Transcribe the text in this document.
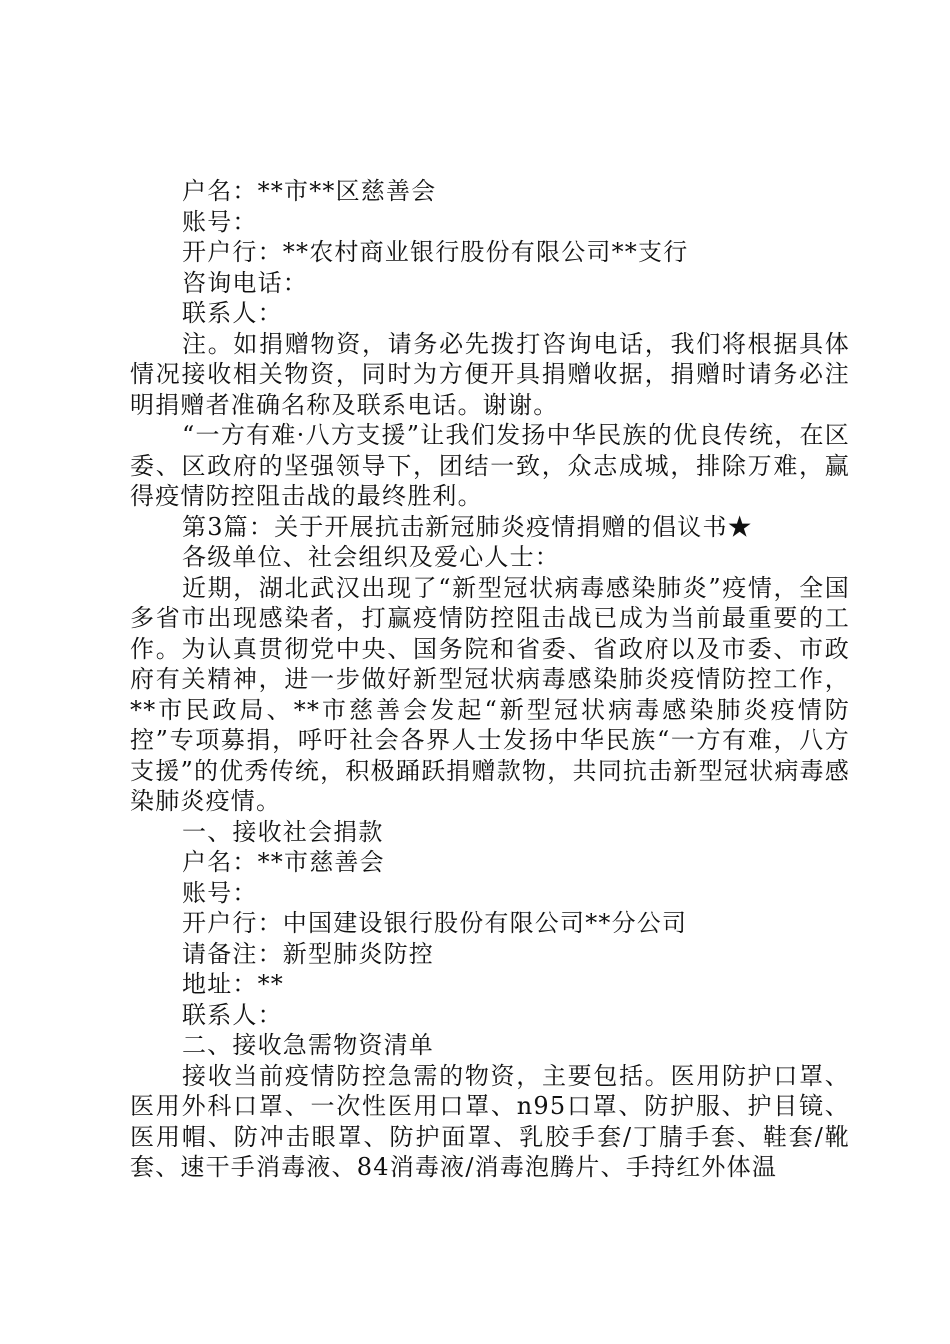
户名：**市**区慈善会

账号：

开户行：**农村商业银行股份有限公司**支行

咨询电话：

联系人：

注。如捐赠物资，请务必先拨打咨询电话，我们将根据具体情况接收相关物资，同时为方便开具捐赠收据，捐赠时请务必注明捐赠者准确名称及联系电话。谢谢。

“一方有难·八方支援”让我们发扬中华民族的优良传统，在区委、区政府的坚强领导下，团结一致，众志成城，排除万难，赢得疫情防控阻击战的最终胜利。

第3篇：关于开展抗击新冠肺炎疫情捐赠的倡议书★

各级单位、社会组织及爱心人士：

近期，湖北武汉出现了“新型冠状病毒感染肺炎”疫情，全国多省市出现感染者，打赢疫情防控阻击战已成为当前最重要的工作。为认真贯彻党中央、国务院和省委、省政府以及市委、市政府有关精神，进一步做好新型冠状病毒感染肺炎疫情防控工作，**市民政局、**市慈善会发起“新型冠状病毒感染肺炎疫情防控”专项募捐，呼吁社会各界人士发扬中华民族“一方有难，八方支援”的优秀传统，积极踊跃捐赠款物，共同抗击新型冠状病毒感染肺炎疫情。

一、接收社会捐款

户名：**市慈善会

账号：

开户行：中国建设银行股份有限公司**分公司

请备注：新型肺炎防控

地址：**

联系人：

二、接收急需物资清单

接收当前疫情防控急需的物资，主要包括。医用防护口罩、医用外科口罩、一次性医用口罩、n95口罩、防护服、护目镜、医用帽、防冲击眼罩、防护面罩、乳胶手套/丁腈手套、鞋套/靴套、速干手消毒液、84消毒液/消毒泡腾片、手持红外体温
